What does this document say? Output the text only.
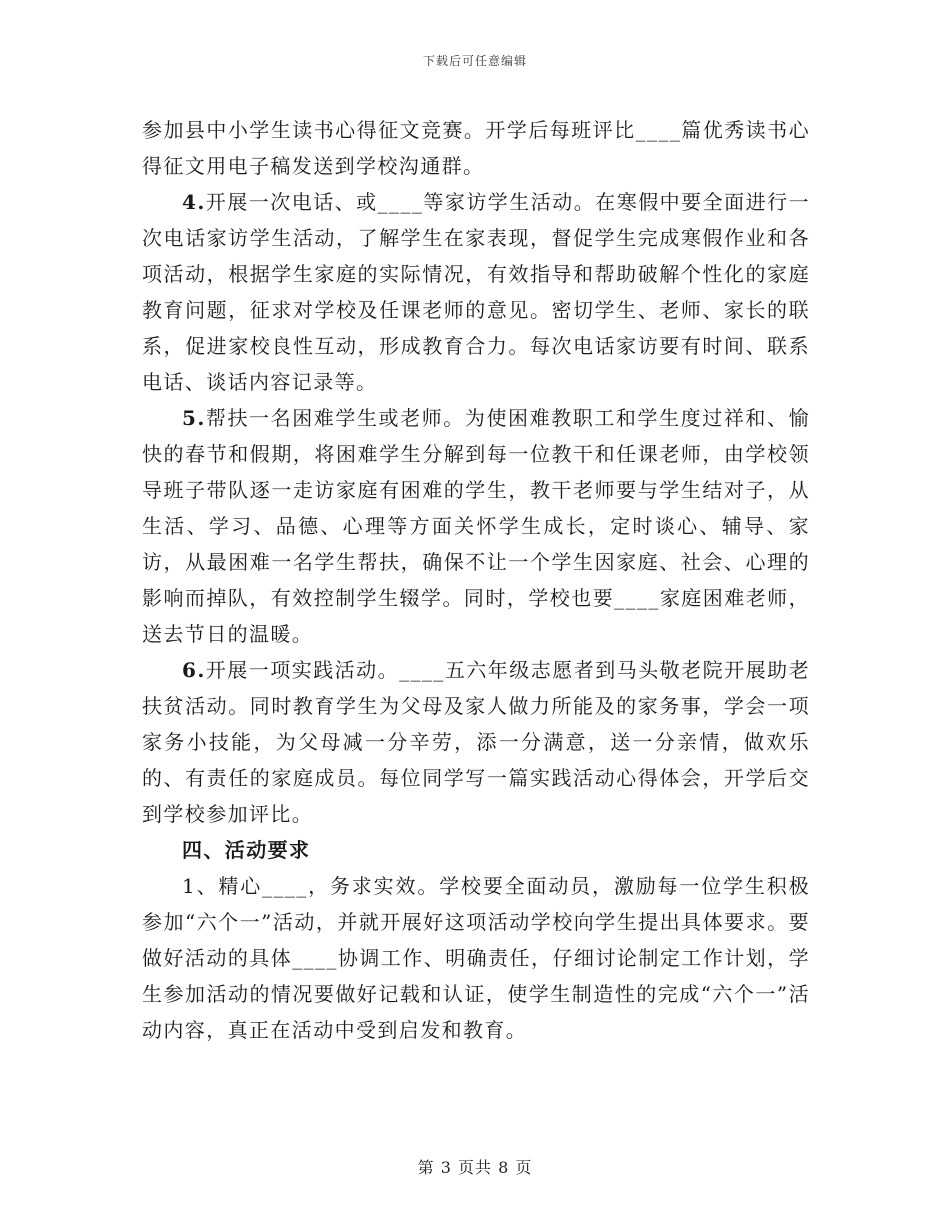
下载后可任意编辑

参加县中小学生读书心得征文竞赛。开学后每班评比____篇优秀读书心得征文用电子稿发送到学校沟通群。

4.开展一次电话、或____等家访学生活动。在寒假中要全面进行一次电话家访学生活动，了解学生在家表现，督促学生完成寒假作业和各项活动，根据学生家庭的实际情况，有效指导和帮助破解个性化的家庭教育问题，征求对学校及任课老师的意见。密切学生、老师、家长的联系，促进家校良性互动，形成教育合力。每次电话家访要有时间、联系电话、谈话内容记录等。

5.帮扶一名困难学生或老师。为使困难教职工和学生度过祥和、愉快的春节和假期，将困难学生分解到每一位教干和任课老师，由学校领导班子带队逐一走访家庭有困难的学生，教干老师要与学生结对子，从生活、学习、品德、心理等方面关怀学生成长，定时谈心、辅导、家访，从最困难一名学生帮扶，确保不让一个学生因家庭、社会、心理的影响而掉队，有效控制学生辍学。同时，学校也要____家庭困难老师，送去节日的温暖。

6.开展一项实践活动。____五六年级志愿者到马头敬老院开展助老扶贫活动。同时教育学生为父母及家人做力所能及的家务事，学会一项家务小技能，为父母减一分辛劳，添一分满意，送一分亲情，做欢乐的、有责任的家庭成员。每位同学写一篇实践活动心得体会，开学后交到学校参加评比。

四、活动要求

1、精心____，务求实效。学校要全面动员，激励每一位学生积极参加“六个一”活动，并就开展好这项活动学校向学生提出具体要求。要做好活动的具体____协调工作、明确责任，仔细讨论制定工作计划，学生参加活动的情况要做好记载和认证，使学生制造性的完成“六个一”活动内容，真正在活动中受到启发和教育。

第 3 页共 8 页
